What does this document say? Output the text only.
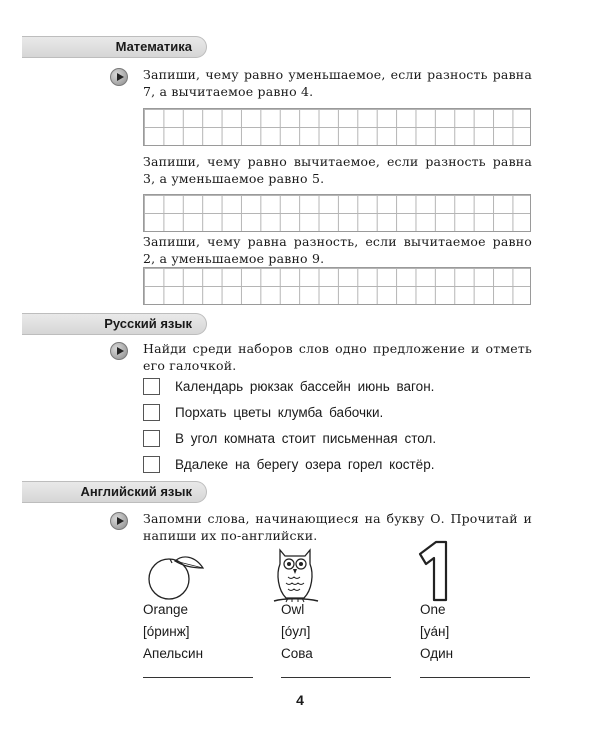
Математика
Запиши, чему равно уменьшаемое, если разность равна 7, а вычитаемое равно 4.
Запиши, чему равно вычитаемое, если разность равна 3, а уменьшаемое равно 5.
Запиши, чему равна разность, если вычитаемое равно 2, а уменьшаемое равно 9.
Русский язык
Найди среди наборов слов одно предложение и отметь его галочкой.
Календарь рюкзак бассейн июнь вагон.
Порхать цветы клумба бабочки.
В угол комната стоит письменная стол.
Вдалеке на берегу озера горел костёр.
Английский язык
Запомни слова, начинающиеся на букву О. Прочитай и напиши их по-английски.
Orange
[óринж]
Апельсин
Owl
[óул]
Сова
One
[уáн]
Один
4
